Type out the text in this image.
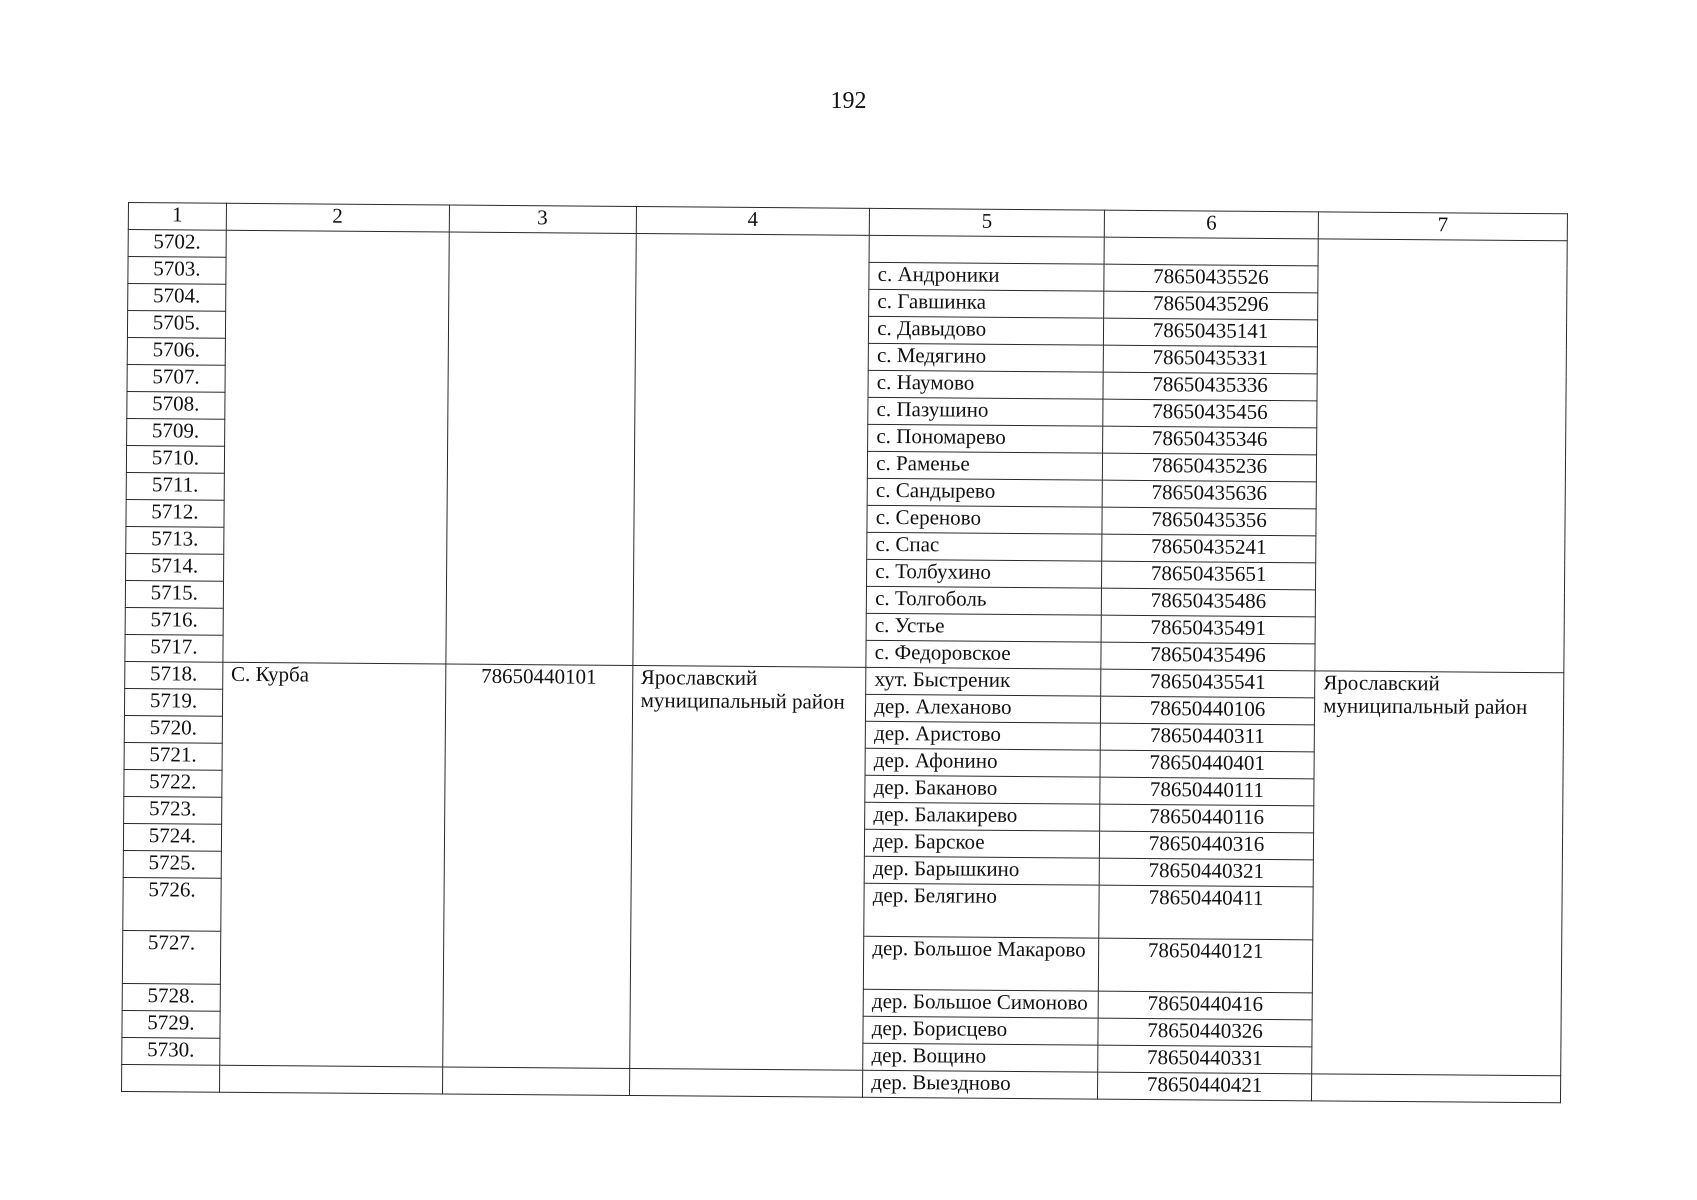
192
1	2	3	4	5	6	7
5702.						
5703.				с. Андроники	78650435526	
5704.				с. Гавшинка	78650435296	
5705.				с. Давыдово	78650435141	
5706.				с. Медягино	78650435331	
5707.				с. Наумово	78650435336	
5708.				с. Пазушино	78650435456	
5709.				с. Пономарево	78650435346	
5710.				с. Раменье	78650435236	
5711.				с. Сандырево	78650435636	
5712.				с. Сереново	78650435356	
5713.				с. Спас	78650435241	
5714.				с. Толбухино	78650435651	
5715.				с. Толгоболь	78650435486	
5716.				с. Устье	78650435491	
5717.				с. Федоровское	78650435496	
5718.	С. Курба	78650440101	Ярославский муниципальный район	хут. Быстреник	78650435541	Ярославский муниципальный район
5719.				дер. Алеханово	78650440106	
5720.				дер. Аристово	78650440311	
5721.				дер. Афонино	78650440401	
5722.				дер. Баканово	78650440111	
5723.				дер. Балакирево	78650440116	
5724.				дер. Барское	78650440316	
5725.				дер. Барышкино	78650440321	
5726.				дер. Белягино	78650440411	
5727.				дер. Большое Макарово	78650440121	
5728.				дер. Большое Симоново	78650440416	
5729.				дер. Борисцево	78650440326	
5730.				дер. Вощино	78650440331	
				дер. Выездново	78650440421	
